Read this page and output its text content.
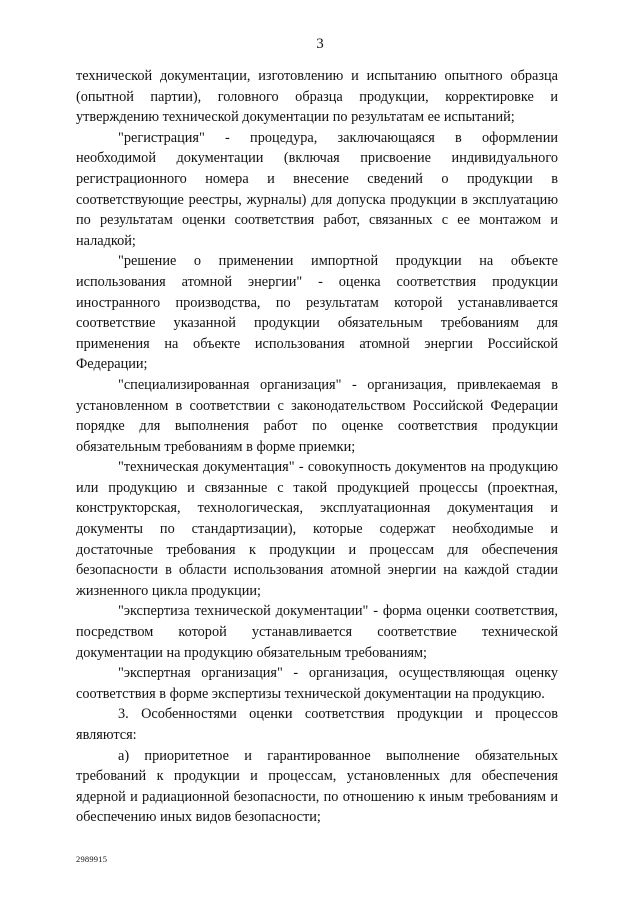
3

технической документации, изготовлению и испытанию опытного образца (опытной партии), головного образца продукции, корректировке и утверждению технической документации по результатам ее испытаний;

"регистрация" - процедура, заключающаяся в оформлении необходимой документации (включая присвоение индивидуального регистрационного номера и внесение сведений о продукции в соответствующие реестры, журналы) для допуска продукции в эксплуатацию по результатам оценки соответствия работ, связанных с ее монтажом и наладкой;

"решение о применении импортной продукции на объекте использования атомной энергии" - оценка соответствия продукции иностранного производства, по результатам которой устанавливается соответствие указанной продукции обязательным требованиям для применения на объекте использования атомной энергии Российской Федерации;

"специализированная организация" - организация, привлекаемая в установленном в соответствии с законодательством Российской Федерации порядке для выполнения работ по оценке соответствия продукции обязательным требованиям в форме приемки;

"техническая документация" - совокупность документов на продукцию или продукцию и связанные с такой продукцией процессы (проектная, конструкторская, технологическая, эксплуатационная документация и документы по стандартизации), которые содержат необходимые и достаточные требования к продукции и процессам для обеспечения безопасности в области использования атомной энергии на каждой стадии жизненного цикла продукции;

"экспертиза технической документации" - форма оценки соответствия, посредством которой устанавливается соответствие технической документации на продукцию обязательным требованиям;

"экспертная организация" - организация, осуществляющая оценку соответствия в форме экспертизы технической документации на продукцию.

3. Особенностями оценки соответствия продукции и процессов являются:

а) приоритетное и гарантированное выполнение обязательных требований к продукции и процессам, установленных для обеспечения ядерной и радиационной безопасности, по отношению к иным требованиям и обеспечению иных видов безопасности;

2989915
